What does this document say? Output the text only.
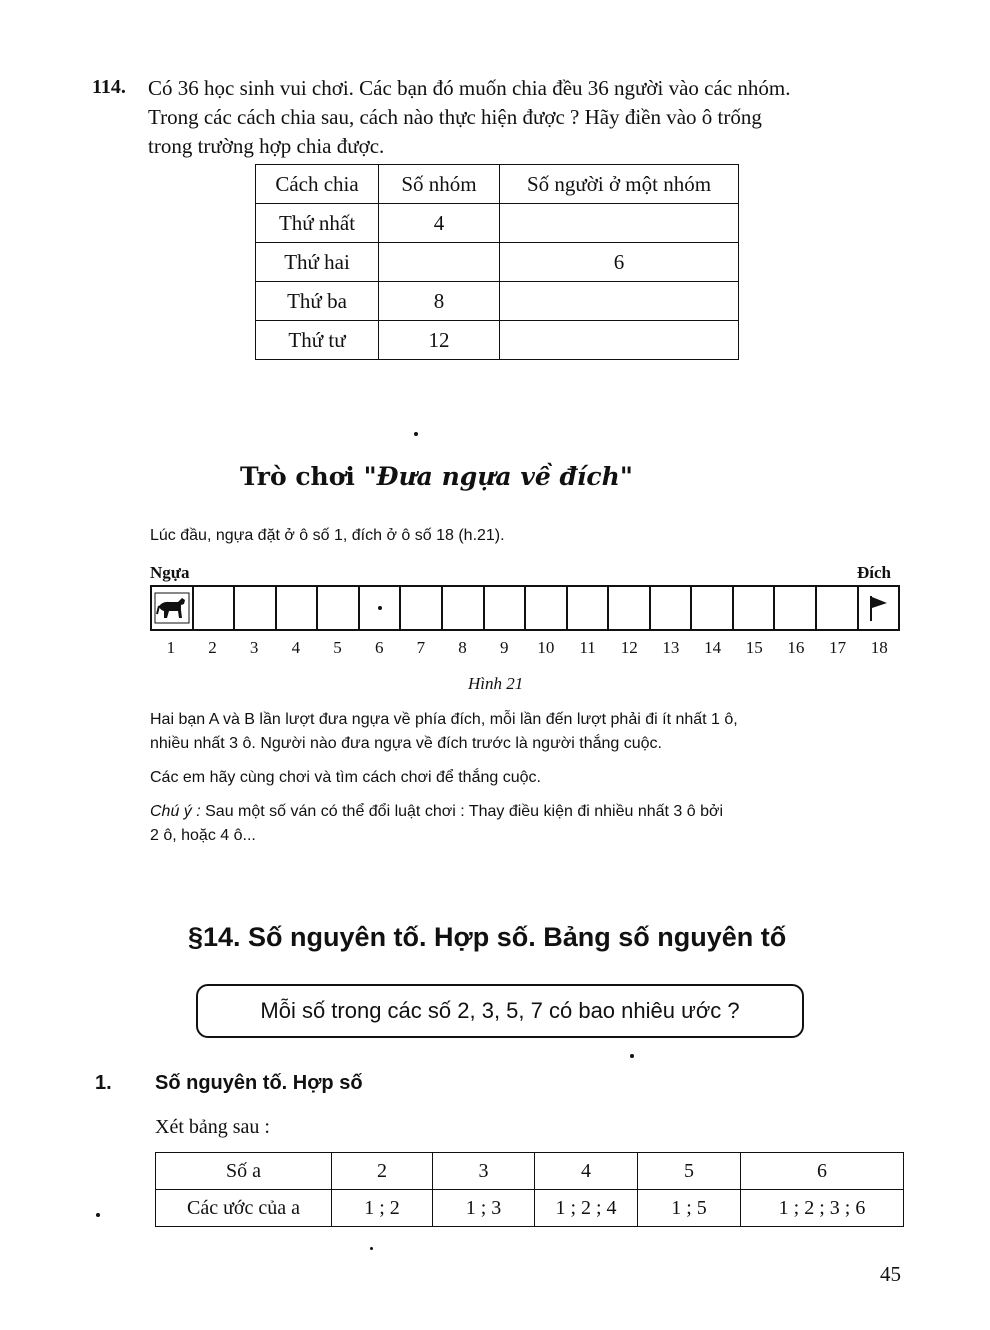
114. Có 36 học sinh vui chơi. Các bạn đó muốn chia đều 36 người vào các nhóm.

Trong các cách chia sau, cách nào thực hiện được ? Hãy điền vào ô trống

trong trường hợp chia được.

Cách chia	Số nhóm	Số người ở một nhóm
Thứ nhất	4	
Thứ hai		6
Thứ ba	8	
Thứ tư	12	
Trò chơi "Đưa ngựa về đích"
Lúc đầu, ngựa đặt ở ô số 1, đích ở ô số 18 (h.21).
Ngựa	Đích
1	2	3	4	5	6	7	8	9	10	11	12	13	14	15	16	17	18
Hình 21

Hai bạn A và B lần lượt đưa ngựa về phía đích, mỗi lần đến lượt phải đi ít nhất 1 ô,

nhiều nhất 3 ô. Người nào đưa ngựa về đích trước là người thắng cuộc.

Các em hãy cùng chơi và tìm cách chơi để thắng cuộc.

Chú ý : Sau một số ván có thể đổi luật chơi : Thay điều kiện đi nhiều nhất 3 ô bởi

2 ô, hoặc 4 ô...

§14. Số nguyên tố. Hợp số. Bảng số nguyên tố
Mỗi số trong các số 2, 3, 5, 7 có bao nhiêu ước ?
1. Số nguyên tố. Hợp số
Xét bảng sau :
Số a	2	3	4	5	6
Các ước của a	1 ; 2	1 ; 3	1 ; 2 ; 4	1 ; 5	1 ; 2 ; 3 ; 6
45
